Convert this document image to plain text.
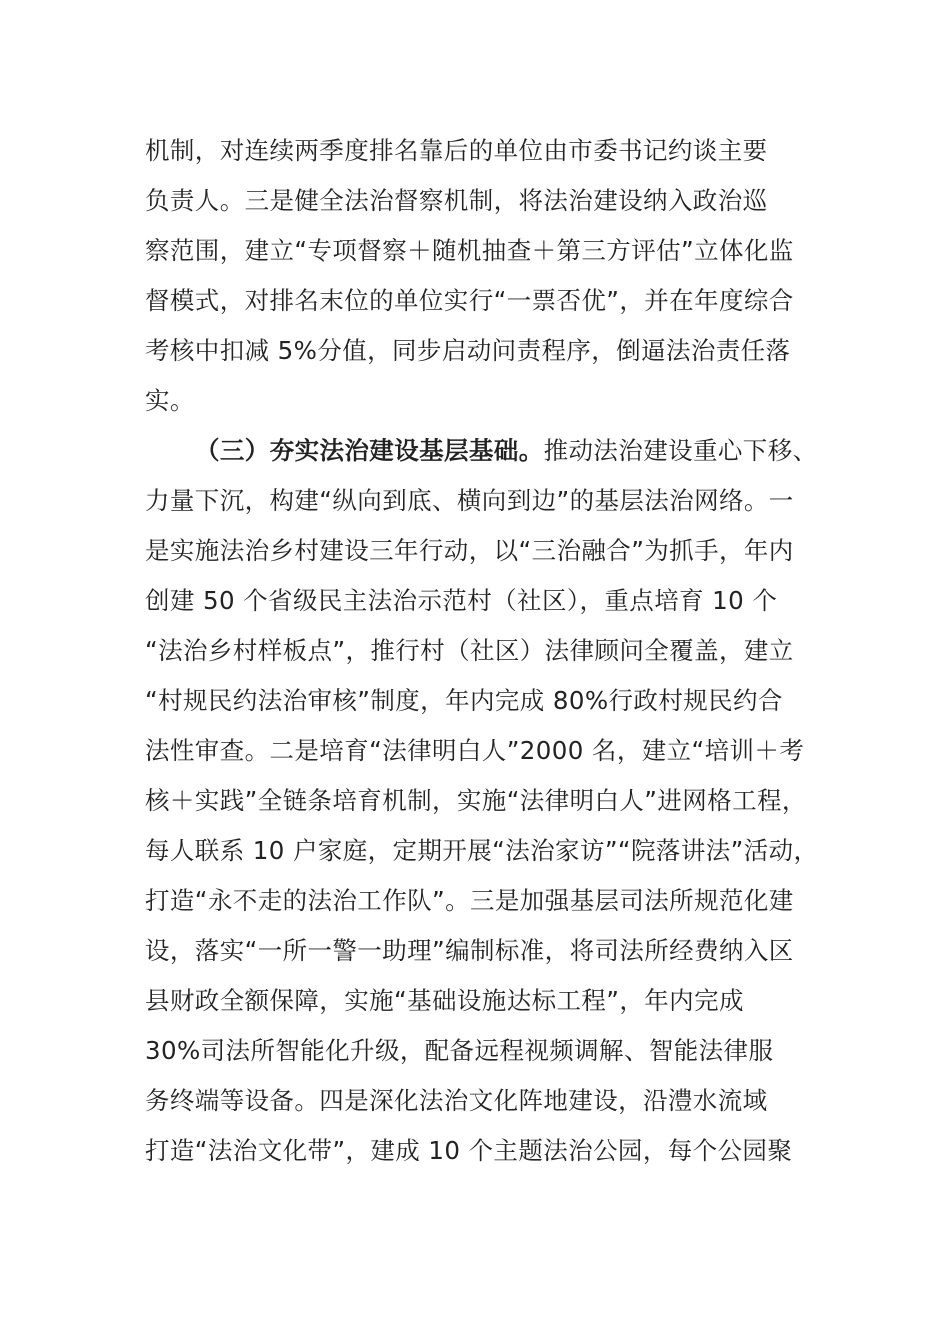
机制，对连续两季度排名靠后的单位由市委书记约谈主要
负责人。三是健全法治督察机制，将法治建设纳入政治巡
察范围，建立“专项督察＋随机抽查＋第三方评估”立体化监
督模式，对排名末位的单位实行“一票否优”，并在年度综合
考核中扣减 5%分值，同步启动问责程序，倒逼法治责任落
实。
（三）夯实法治建设基层基础。推动法治建设重心下移、
力量下沉，构建“纵向到底、横向到边”的基层法治网络。一
是实施法治乡村建设三年行动，以“三治融合”为抓手，年内
创建 50 个省级民主法治示范村（社区），重点培育 10 个
“法治乡村样板点”，推行村（社区）法律顾问全覆盖，建立
“村规民约法治审核”制度，年内完成 80%行政村规民约合
法性审查。二是培育“法律明白人”2000 名，建立“培训＋考
核＋实践”全链条培育机制，实施“法律明白人”进网格工程，
每人联系 10 户家庭，定期开展“法治家访”“院落讲法”活动，
打造“永不走的法治工作队”。三是加强基层司法所规范化建
设，落实“一所一警一助理”编制标准，将司法所经费纳入区
县财政全额保障，实施“基础设施达标工程”，年内完成
30%司法所智能化升级，配备远程视频调解、智能法律服
务终端等设备。四是深化法治文化阵地建设，沿澧水流域
打造“法治文化带”，建成 10 个主题法治公园，每个公园聚
